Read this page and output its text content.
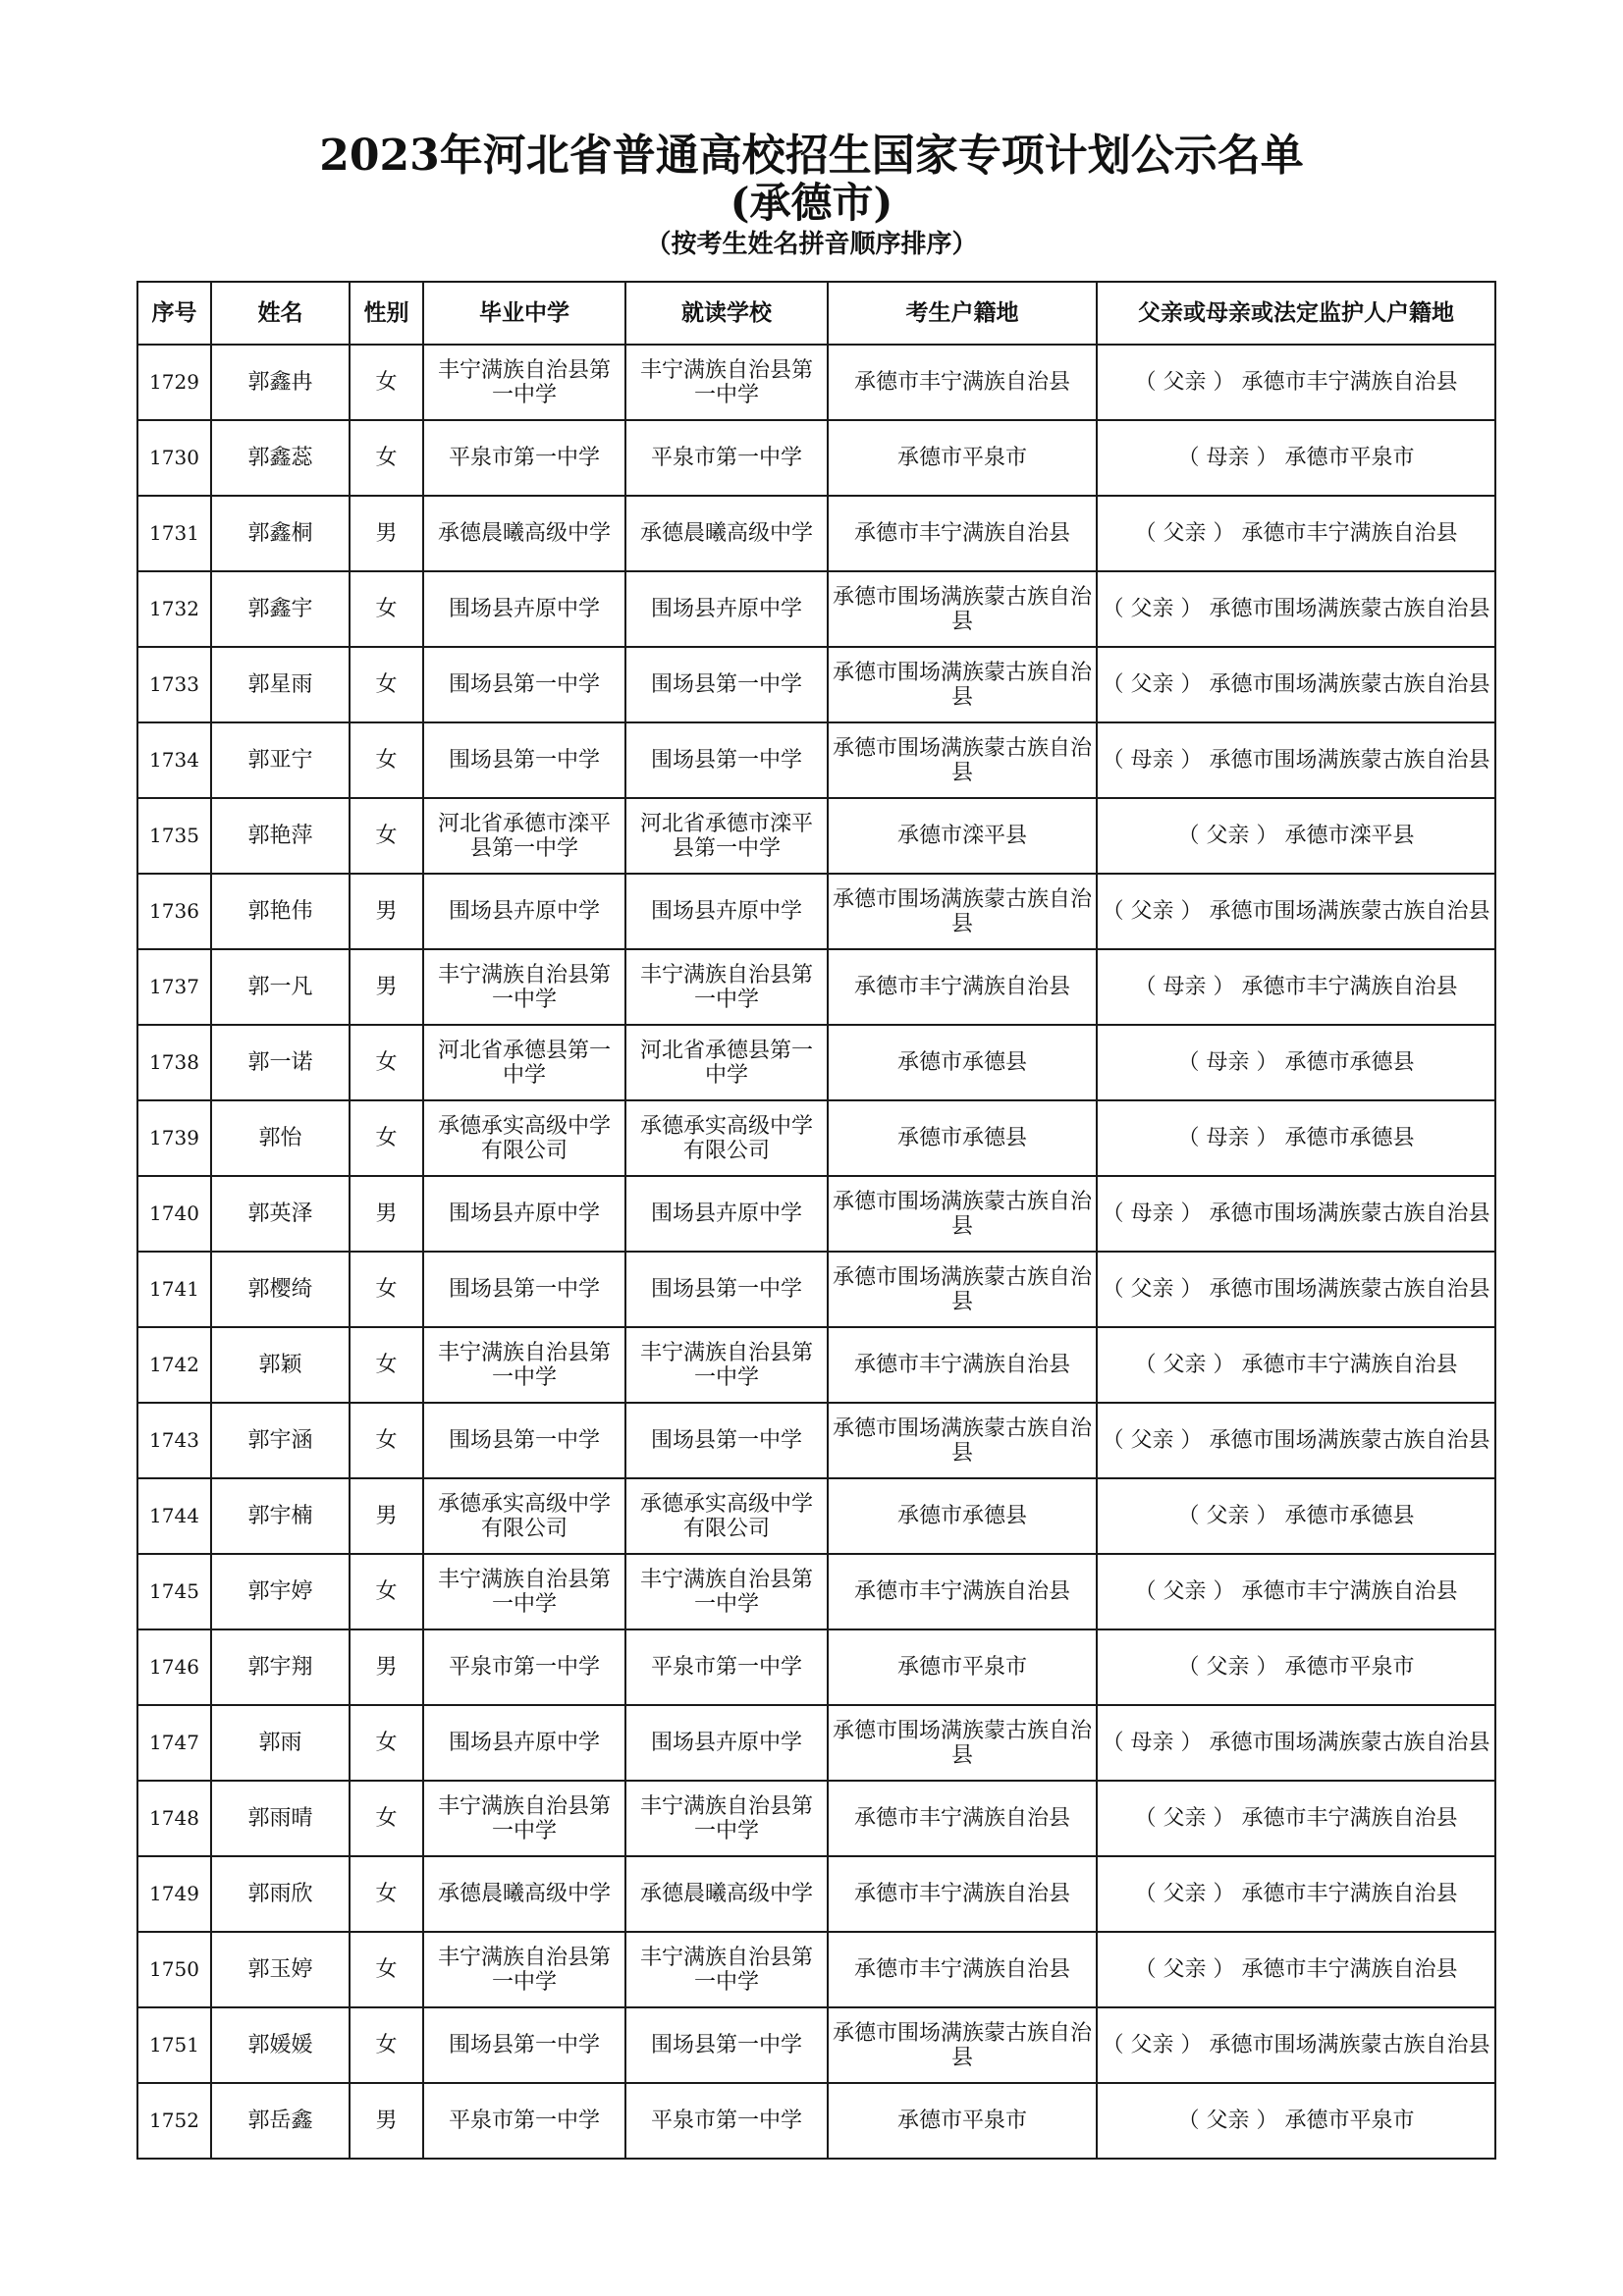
2023年河北省普通高校招生国家专项计划公示名单
(承德市)
（按考生姓名拼音顺序排序）
序号	姓名	性别	毕业中学	就读学校	考生户籍地	父亲或母亲或法定监护人户籍地
1729	郭鑫冉	女	丰宁满族自治县第一中学	丰宁满族自治县第一中学	承德市丰宁满族自治县	（ 父亲 ） 承德市丰宁满族自治县
1730	郭鑫蕊	女	平泉市第一中学	平泉市第一中学	承德市平泉市	（ 母亲 ） 承德市平泉市
1731	郭鑫桐	男	承德晨曦高级中学	承德晨曦高级中学	承德市丰宁满族自治县	（ 父亲 ） 承德市丰宁满族自治县
1732	郭鑫宇	女	围场县卉原中学	围场县卉原中学	承德市围场满族蒙古族自治县	（ 父亲 ） 承德市围场满族蒙古族自治县
1733	郭星雨	女	围场县第一中学	围场县第一中学	承德市围场满族蒙古族自治县	（ 父亲 ） 承德市围场满族蒙古族自治县
1734	郭亚宁	女	围场县第一中学	围场县第一中学	承德市围场满族蒙古族自治县	（ 母亲 ） 承德市围场满族蒙古族自治县
1735	郭艳萍	女	河北省承德市滦平县第一中学	河北省承德市滦平县第一中学	承德市滦平县	（ 父亲 ） 承德市滦平县
1736	郭艳伟	男	围场县卉原中学	围场县卉原中学	承德市围场满族蒙古族自治县	（ 父亲 ） 承德市围场满族蒙古族自治县
1737	郭一凡	男	丰宁满族自治县第一中学	丰宁满族自治县第一中学	承德市丰宁满族自治县	（ 母亲 ） 承德市丰宁满族自治县
1738	郭一诺	女	河北省承德县第一中学	河北省承德县第一中学	承德市承德县	（ 母亲 ） 承德市承德县
1739	郭怡	女	承德承实高级中学有限公司	承德承实高级中学有限公司	承德市承德县	（ 母亲 ） 承德市承德县
1740	郭英泽	男	围场县卉原中学	围场县卉原中学	承德市围场满族蒙古族自治县	（ 母亲 ） 承德市围场满族蒙古族自治县
1741	郭樱绮	女	围场县第一中学	围场县第一中学	承德市围场满族蒙古族自治县	（ 父亲 ） 承德市围场满族蒙古族自治县
1742	郭颖	女	丰宁满族自治县第一中学	丰宁满族自治县第一中学	承德市丰宁满族自治县	（ 父亲 ） 承德市丰宁满族自治县
1743	郭宇涵	女	围场县第一中学	围场县第一中学	承德市围场满族蒙古族自治县	（ 父亲 ） 承德市围场满族蒙古族自治县
1744	郭宇楠	男	承德承实高级中学有限公司	承德承实高级中学有限公司	承德市承德县	（ 父亲 ） 承德市承德县
1745	郭宇婷	女	丰宁满族自治县第一中学	丰宁满族自治县第一中学	承德市丰宁满族自治县	（ 父亲 ） 承德市丰宁满族自治县
1746	郭宇翔	男	平泉市第一中学	平泉市第一中学	承德市平泉市	（ 父亲 ） 承德市平泉市
1747	郭雨	女	围场县卉原中学	围场县卉原中学	承德市围场满族蒙古族自治县	（ 母亲 ） 承德市围场满族蒙古族自治县
1748	郭雨晴	女	丰宁满族自治县第一中学	丰宁满族自治县第一中学	承德市丰宁满族自治县	（ 父亲 ） 承德市丰宁满族自治县
1749	郭雨欣	女	承德晨曦高级中学	承德晨曦高级中学	承德市丰宁满族自治县	（ 父亲 ） 承德市丰宁满族自治县
1750	郭玉婷	女	丰宁满族自治县第一中学	丰宁满族自治县第一中学	承德市丰宁满族自治县	（ 父亲 ） 承德市丰宁满族自治县
1751	郭媛媛	女	围场县第一中学	围场县第一中学	承德市围场满族蒙古族自治县	（ 父亲 ） 承德市围场满族蒙古族自治县
1752	郭岳鑫	男	平泉市第一中学	平泉市第一中学	承德市平泉市	（ 父亲 ） 承德市平泉市
